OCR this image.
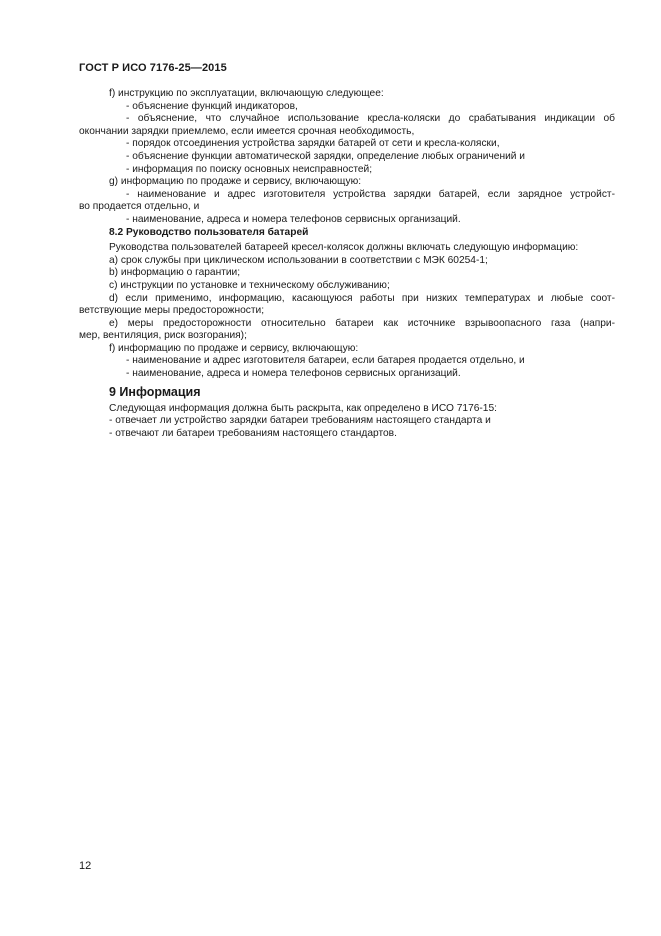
ГОСТ Р ИСО 7176-25—2015

f) инструкцию по эксплуатации, включающую следующее:

- объяснение функций индикаторов,

- объяснение, что случайное использование кресла-коляски до срабатывания индикации об

окончании зарядки приемлемо, если имеется срочная необходимость,

- порядок отсоединения устройства зарядки батарей от сети и кресла-коляски,

- объяснение функции автоматической зарядки, определение любых ограничений и

- информация по поиску основных неисправностей;

g) информацию по продаже и сервису, включающую:

- наименование и адрес изготовителя устройства зарядки батарей, если зарядное устройст-

во продается отдельно, и

- наименование, адреса и номера телефонов сервисных организаций.

8.2 Руководство пользователя батарей

Руководства пользователей батареей кресел-колясок должны включать следующую информацию:

а) срок службы при циклическом использовании в соответствии с МЭК 60254-1;

b) информацию о гарантии;

c) инструкции по установке и техническому обслуживанию;

d) если применимо, информацию, касающуюся работы при низких температурах и любые соот-

ветствующие меры предосторожности;

е) меры предосторожности относительно батареи как источнике взрывоопасного газа (напри-

мер, вентиляция, риск возгорания);

f) информацию по продаже и сервису, включающую:

- наименование и адрес изготовителя батареи, если батарея продается отдельно, и

- наименование, адреса и номера телефонов сервисных организаций.

9 Информация

Следующая информация должна быть раскрыта, как определено в ИСО 7176-15:

- отвечает ли устройство зарядки батареи требованиям настоящего стандарта и

- отвечают ли батареи требованиям настоящего стандартов.

12
